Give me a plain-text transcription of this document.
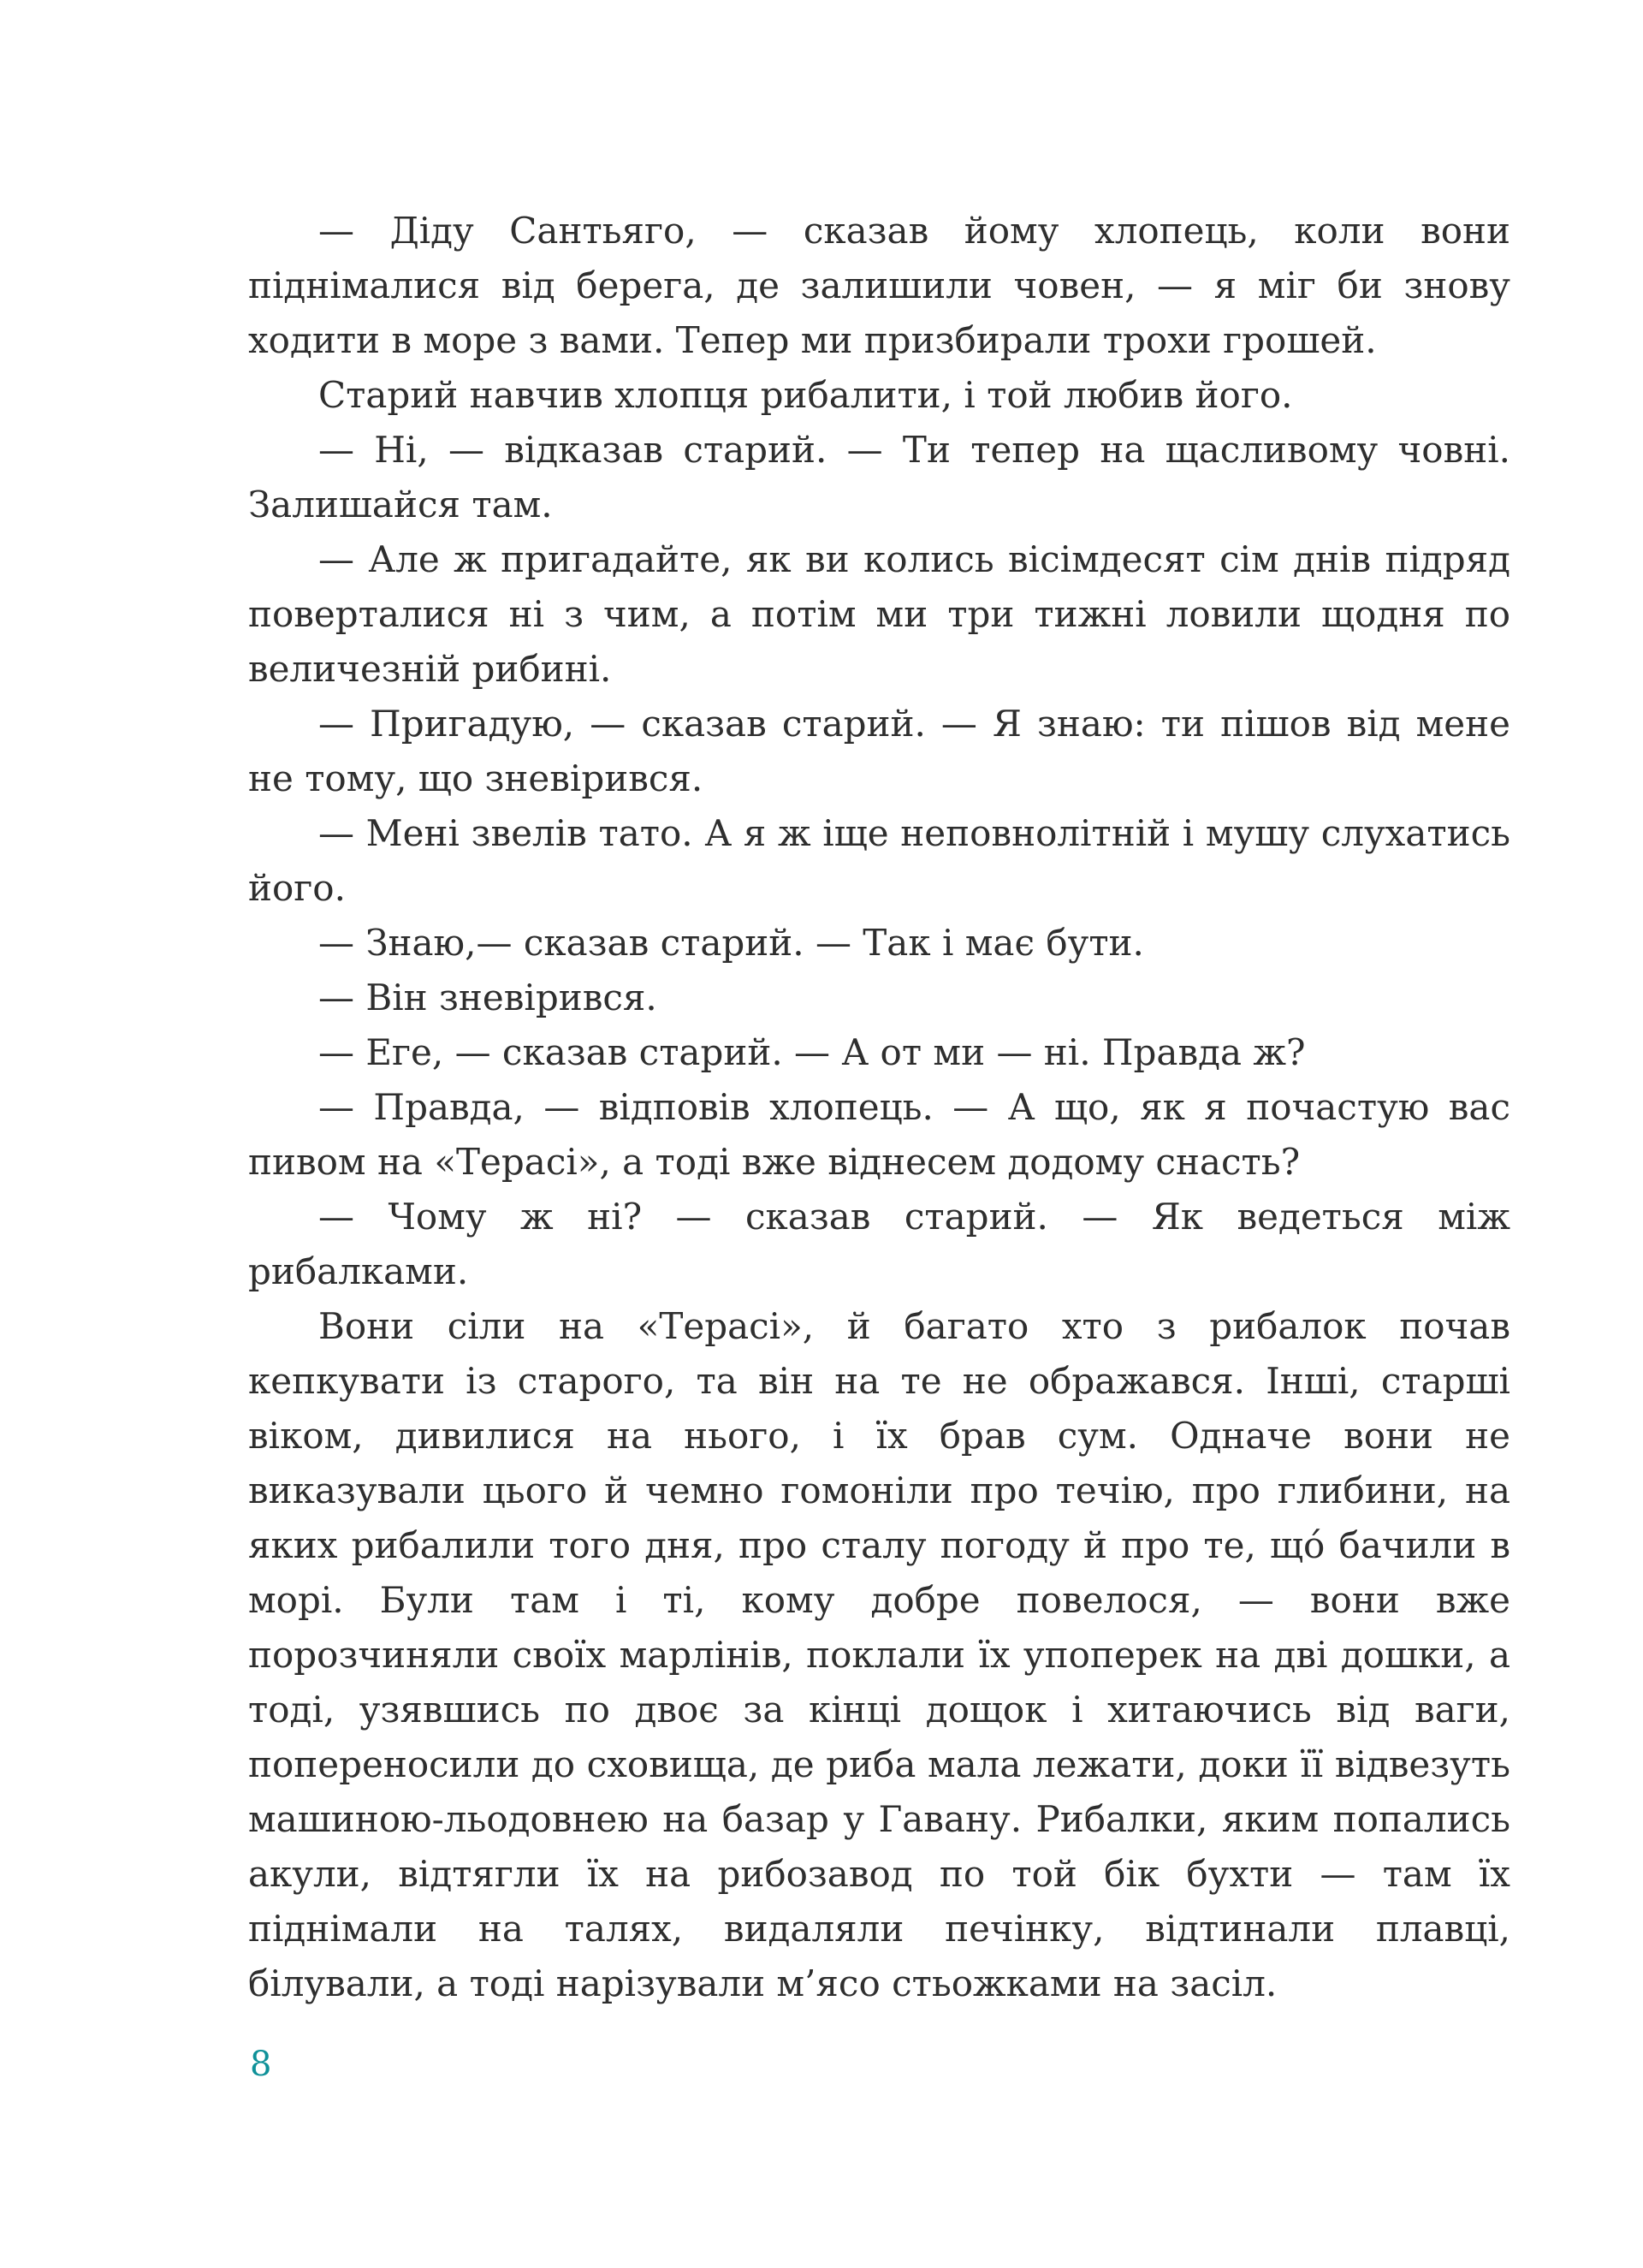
— Діду Сантьяго, — сказав йому хлопець, коли вони піднімалися від берега, де залишили човен, — я міг би знову ходити в море з вами. Тепер ми призбирали трохи грошей.

Старий навчив хлопця рибалити, і той любив його.

— Ні, — відказав старий. — Ти тепер на щасливому човні. Залишайся там.

— Але ж пригадайте, як ви колись вісімдесят сім днів підряд поверталися ні з чим, а потім ми три тижні ловили щодня по величезній рибині.

— Пригадую, — сказав старий. — Я знаю: ти пішов від мене не тому, що зневірився.

— Мені звелів тато. А я ж іще неповнолітній і мушу слухатись його.

— Знаю,— сказав старий. — Так і має бути.

— Він зневірився.

— Еге, — сказав старий. — А от ми — ні. Правда ж?

— Правда, — відповів хлопець. — А що, як я почастую вас пивом на «Терасі», а тоді вже віднесем додому снасть?

— Чому ж ні? — сказав старий. — Як ведеться між рибалками.

Вони сіли на «Терасі», й багато хто з рибалок почав кепкувати із старого, та він на те не ображався. Інші, старші віком, дивилися на нього, і їх брав сум. Одначе вони не виказували цього й чемно гомоніли про течію, про глибини, на яких рибалили того дня, про сталу погоду й про те, щó бачили в морі. Були там і ті, кому добре повелося, — вони вже порозчиняли своїх марлінів, поклали їх упоперек на дві дошки, а тоді, узявшись по двоє за кінці дощок і хитаючись від ваги, попереносили до сховища, де риба мала лежати, доки її відвезуть машиною-льодовнею на базар у Гавану. Рибалки, яким попались акули, відтягли їх на рибозавод по той бік бухти — там їх піднімали на талях, видаляли печінку, відтинали плавці, білували, а тоді нарізували м’ясо стьожками на засіл.

8
